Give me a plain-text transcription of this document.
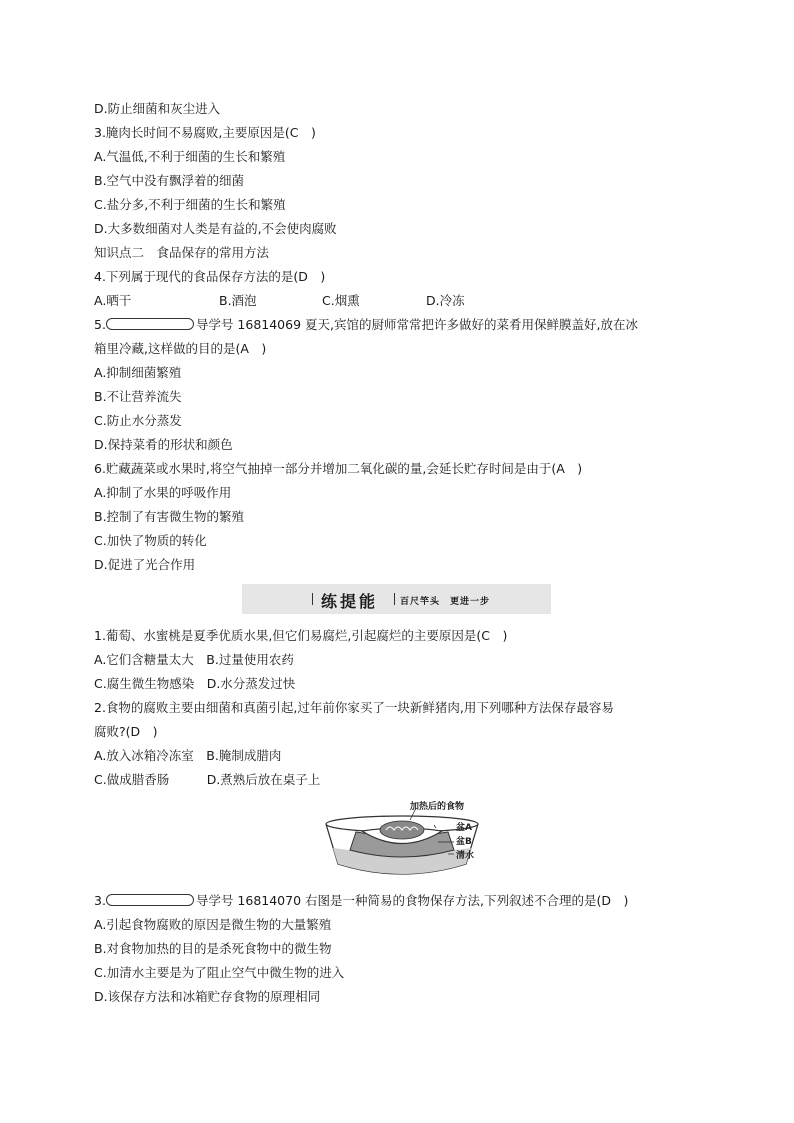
D.防止细菌和灰尘进入
3.腌肉长时间不易腐败,主要原因是(C　)
A.气温低,不利于细菌的生长和繁殖
B.空气中没有飘浮着的细菌
C.盐分多,不利于细菌的生长和繁殖
D.大多数细菌对人类是有益的,不会使肉腐败
知识点二　食品保存的常用方法
4.下列属于现代的食品保存方法的是(D　)
A.晒干	B.酒泡	C.烟熏	D.冷冻
5.	导学号 16814069 夏天,宾馆的厨师常常把许多做好的菜肴用保鲜膜盖好,放在冰
箱里冷藏,这样做的目的是(A　)
A.抑制细菌繁殖
B.不让营养流失
C.防止水分蒸发
D.保持菜肴的形状和颜色
6.贮藏蔬菜或水果时,将空气抽掉一部分并增加二氧化碳的量,会延长贮存时间是由于(A　)
A.抑制了水果的呼吸作用
B.控制了有害微生物的繁殖
C.加快了物质的转化
D.促进了光合作用
练提能 百尺竿头　更进一步
1.葡萄、水蜜桃是夏季优质水果,但它们易腐烂,引起腐烂的主要原因是(C　)
A.它们含糖量太大　B.过量使用农药
C.腐生微生物感染　D.水分蒸发过快
2.食物的腐败主要由细菌和真菌引起,过年前你家买了一块新鲜猪肉,用下列哪种方法保存最容易
腐败?(D　)
A.放入冰箱冷冻室　B.腌制成腊肉
C.做成腊香肠　　　D.煮熟后放在桌子上
加热后的食物
盆A
盆B
清水
3.	导学号 16814070 右图是一种简易的食物保存方法,下列叙述不合理的是(D　)
A.引起食物腐败的原因是微生物的大量繁殖
B.对食物加热的目的是杀死食物中的微生物
C.加清水主要是为了阻止空气中微生物的进入
D.该保存方法和冰箱贮存食物的原理相同
